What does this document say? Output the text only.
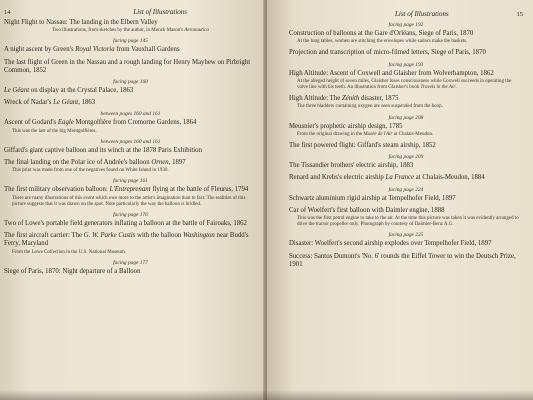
14	List of Illustrations
Night Flight to Nassau: The landing in the Elbern Valley
Two illustrations, from sketches by the author, in Monck Mason's Aeronautica
facing page 145
A night ascent by Green's Royal Victoria from Vauxhall Gardens
The last flight of Green in the Nassau and a rough landing for Henry Mayhew on Pirbright Common, 1852
facing page 160
Le Géant on display at the Crystal Palace, 1863
Wreck of Nadar's Le Géant, 1863
between pages 160 and 161
Ascent of Godard's Eagle Montgolfière from Cremorne Gardens, 1864
This was the last of the big Montgolfières.
between pages 160 and 161
Giffard's giant captive balloon and its winch at the 1878 Paris Exhibition
The final landing on the Polar ice of Andrée's balloon Ornen, 1897
This print was made from one of the negatives found on White Island in 1930.
facing page 161
The first military observation balloon: L'Entreprenant flying at the battle of Fleurus, 1794
There are many illustrations of this event which owe more to the artist's imagination than to fact. The realities of this picture suggests that it was drawn on the spot. Note particularly the way the balloon is bridled.
facing page 176
Two of Lowe's portable field generators inflating a balloon at the battle of Fairoaks, 1862
The first aircraft carrier: The G. W. Parke Custis with the balloon Washington near Budd's Ferry, Maryland
From the Lowe Collection in the U.S. National Museum.
facing page 177
Siege of Paris, 1870: Night departure of a Balloon
List of Illustrations	15
facing page 192
Construction of balloons at the Gare d'Orléans, Siege of Paris, 1870
At the long tables, women are stitching the envelopes while sailors make the baskets.
Projection and transcription of micro-filmed letters, Siege of Paris, 1870
facing page 193
High Altitude: Ascent of Coxwell and Glaisher from Wolverhampton, 1862
At the alleged height of seven miles, Glaisher loses consciousness while Coxwell succeeds in operating the valve line with his teeth. An illustration from Glaisher's book Travels in the Air.
High Altitude: The Zénith disaster, 1875
The three bladders containing oxygen are seen suspended from the hoop.
facing page 208
Meusnier's prophetic airship design, 1785
From the original drawing in the Musée de l'Air at Chalais-Meudon.
The first powered flight: Giffard's steam airship, 1852
facing page 209
The Tissandier brothers' electric airship, 1883
Renard and Krebs's electric airship La France at Chalais-Meudon, 1884
facing page 224
Schwartz aluminium rigid airship at Tempelhofer Field, 1897
Car of Woelfert's first balloon with Daimler engine, 1888
This was the first petrol engine to take to the air. At the time this picture was taken it was evidently arranged to drive the tractor propeller only. Photograph by courtesy of Daimler-Benz A.G.
facing page 225
Disaster: Woelfert's second airship explodes over Tempelhofer Field, 1897
Success: Santos Dumont's 'No. 6' rounds the Eiffel Tower to win the Deutsch Prize, 1901
